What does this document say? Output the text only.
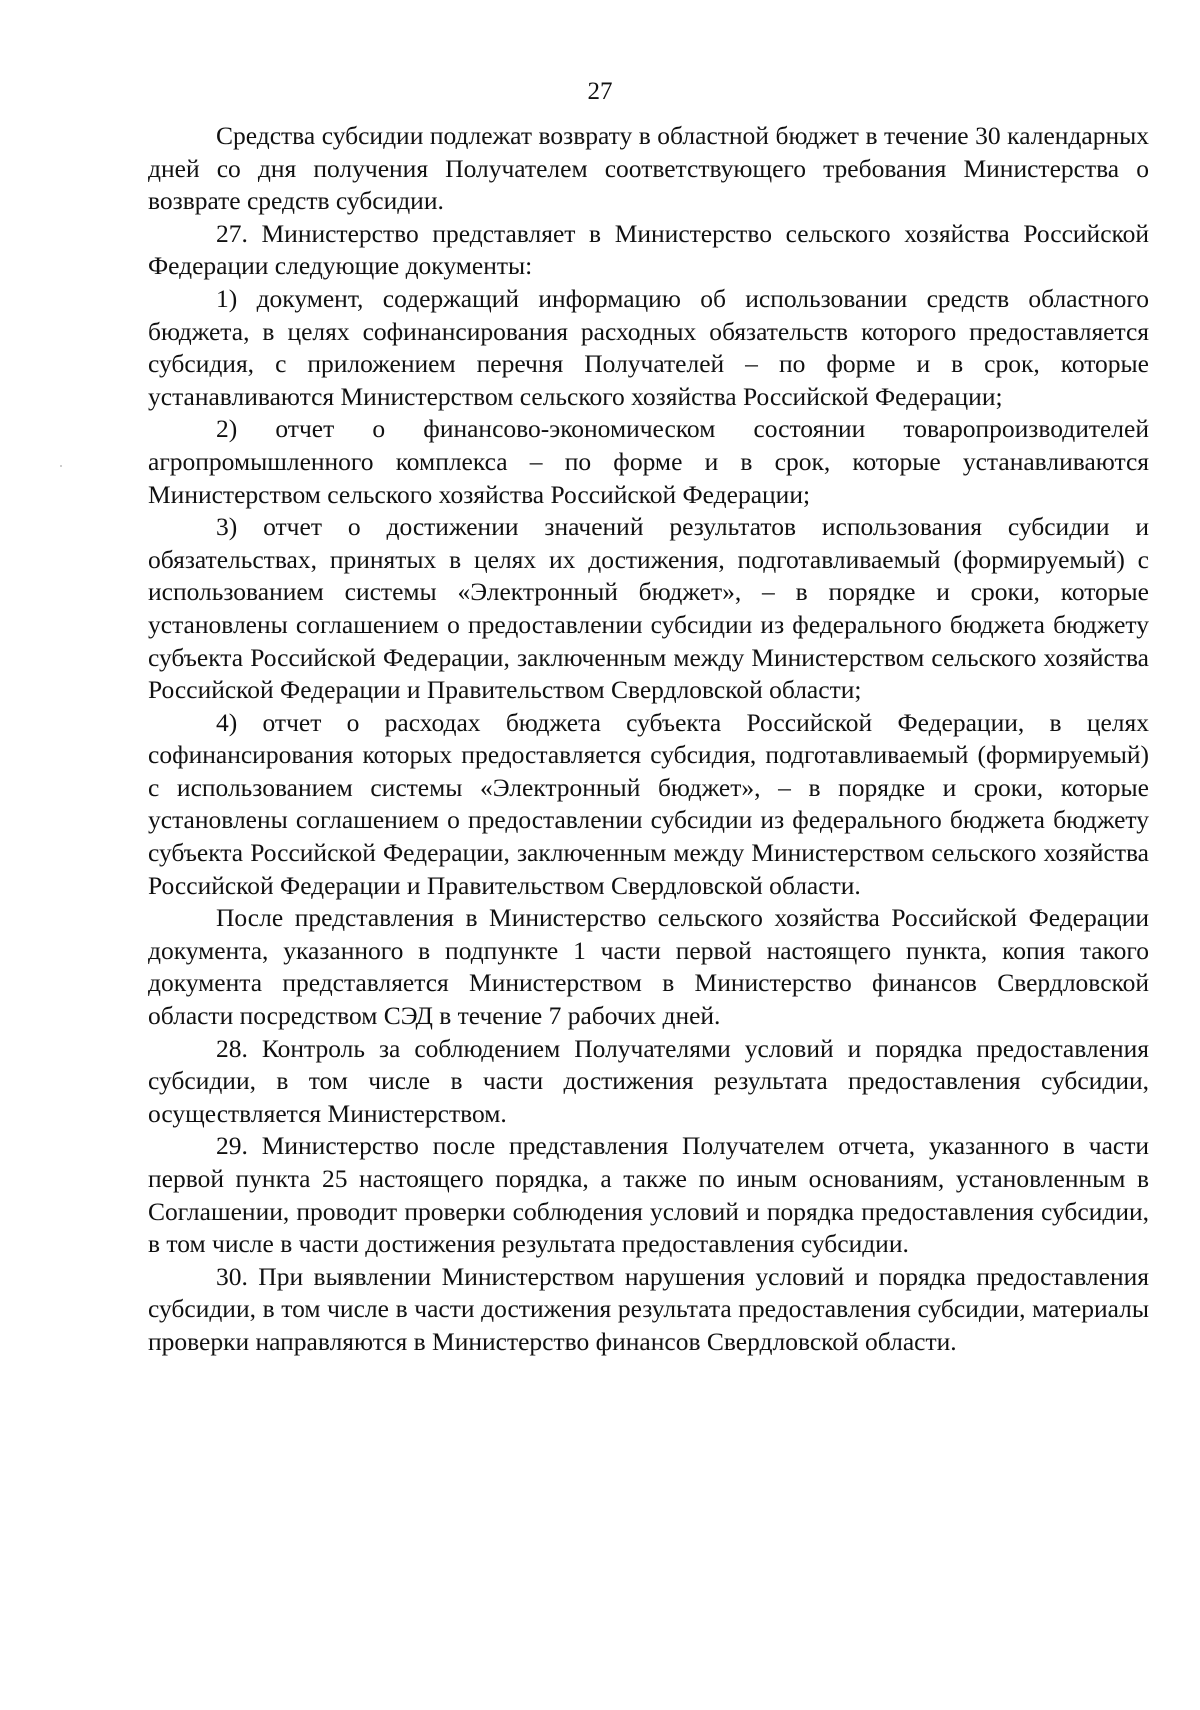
27

Средства субсидии подлежат возврату в областной бюджет в течение 30 календарных дней со дня получения Получателем соответствующего требования Министерства о возврате средств субсидии.

27. Министерство представляет в Министерство сельского хозяйства Российской Федерации следующие документы:

1) документ, содержащий информацию об использовании средств областного бюджета, в целях софинансирования расходных обязательств которого предоставляется субсидия, с приложением перечня Получателей – по форме и в срок, которые устанавливаются Министерством сельского хозяйства Российской Федерации;

2) отчет о финансово-экономическом состоянии товаропроизводителей агропромышленного комплекса – по форме и в срок, которые устанавливаются Министерством сельского хозяйства Российской Федерации;

3) отчет о достижении значений результатов использования субсидии и обязательствах, принятых в целях их достижения, подготавливаемый (формируемый) с использованием системы «Электронный бюджет», – в порядке и сроки, которые установлены соглашением о предоставлении субсидии из федерального бюджета бюджету субъекта Российской Федерации, заключенным между Министерством сельского хозяйства Российской Федерации и Правительством Свердловской области;

4) отчет о расходах бюджета субъекта Российской Федерации, в целях софинансирования которых предоставляется субсидия, подготавливаемый (формируемый) с использованием системы «Электронный бюджет», – в порядке и сроки, которые установлены соглашением о предоставлении субсидии из федерального бюджета бюджету субъекта Российской Федерации, заключенным между Министерством сельского хозяйства Российской Федерации и Правительством Свердловской области.

После представления в Министерство сельского хозяйства Российской Федерации документа, указанного в подпункте 1 части первой настоящего пункта, копия такого документа представляется Министерством в Министерство финансов Свердловской области посредством СЭД в течение 7 рабочих дней.

28. Контроль за соблюдением Получателями условий и порядка предоставления субсидии, в том числе в части достижения результата предоставления субсидии, осуществляется Министерством.

29. Министерство после представления Получателем отчета, указанного в части первой пункта 25 настоящего порядка, а также по иным основаниям, установленным в Соглашении, проводит проверки соблюдения условий и порядка предоставления субсидии, в том числе в части достижения результата предоставления субсидии.

30. При выявлении Министерством нарушения условий и порядка предоставления субсидии, в том числе в части достижения результата предоставления субсидии, материалы проверки направляются в Министерство финансов Свердловской области.
